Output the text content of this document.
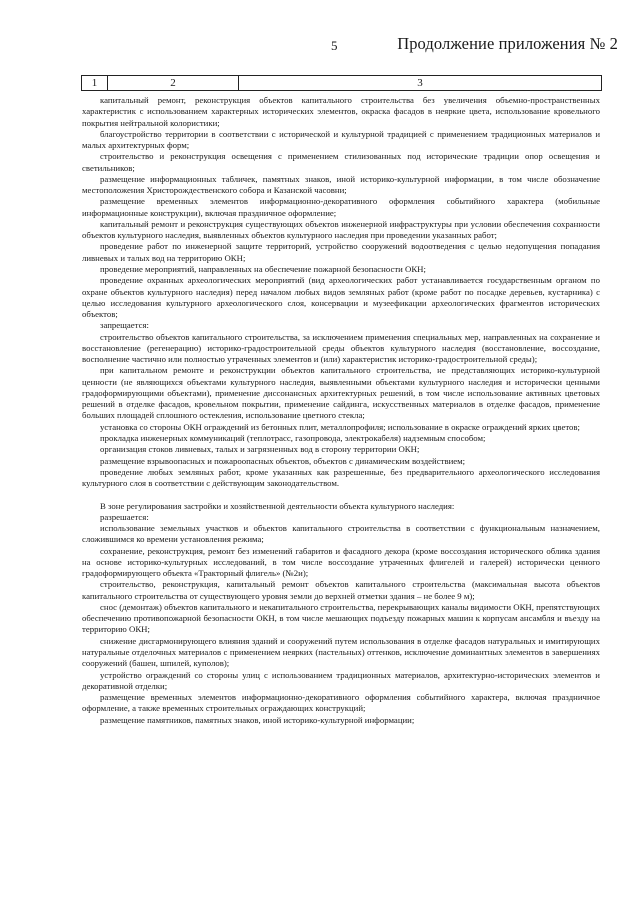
5	Продолжение приложения № 2
1	2	3

капитальный ремонт, реконструкция объектов капитального строительства без увеличения объемно-пространственных характеристик с использованием характерных исторических элементов, окраска фасадов в неяркие цвета, использование кровельного покрытия нейтральной колористики;

благоустройство территории в соответствии с исторической и культурной традицией с применением традиционных материалов и малых архитектурных форм;

строительство и реконструкция освещения с применением стилизованных под исторические традиции опор освещения и светильников;

размещение информационных табличек, памятных знаков, иной историко-культурной информации, в том числе обозначение местоположения Христорождественского собора и Казанской часовни;

размещение временных элементов информационно-декоративного оформления событийного характера (мобильные информационные конструкции), включая праздничное оформление;

капитальный ремонт и реконструкция существующих объектов инженерной инфраструктуры при условии обеспечения сохранности объектов культурного наследия, выявленных объектов культурного наследия при проведении указанных работ;

проведение работ по инженерной защите территорий, устройство сооружений водоотведения с целью недопущения попадания ливневых и талых вод на территорию ОКН;

проведение мероприятий, направленных на обеспечение пожарной безопасности ОКН;

проведение охранных археологических мероприятий (вид археологических работ устанавливается государственным органом по охране объектов культурного наследия) перед началом любых видов земляных работ (кроме работ по посадке деревьев, кустарника) с целью исследования культурного археологического слоя, консервации и музеефикации археологических фрагментов исторических объектов;

запрещается:

строительство объектов капитального строительства, за исключением применения специальных мер, направленных на сохранение и восстановление (регенерацию) историко-градостроительной среды объектов культурного наследия (восстановление, воссоздание, восполнение частично или полностью утраченных элементов и (или) характеристик историко-градостроительной среды);

при капитальном ремонте и реконструкции объектов капитального строительства, не представляющих историко-культурной ценности (не являющихся объектами культурного наследия, выявленными объектами культурного наследия и исторически ценными градоформирующими объектами), применение диссонансных архитектурных решений, в том числе использование активных цветовых решений в отделке фасадов, кровельном покрытии, применение сайдинга, искусственных материалов в отделке фасадов, применение больших площадей сплошного остекления, использование цветного стекла;

установка со стороны ОКН ограждений из бетонных плит, металлопрофиля; использование в окраске ограждений ярких цветов;

прокладка инженерных коммуникаций (теплотрасс, газопровода, электрокабеля) надземным способом;

организация стоков ливневых, талых и загрязненных вод в сторону территории ОКН;

размещение взрывоопасных и пожароопасных объектов, объектов с динамическим воздействием;

проведение любых земляных работ, кроме указанных как разрешенные, без предварительного археологического исследования культурного слоя в соответствии с действующим законодательством.

В зоне регулирования застройки и хозяйственной деятельности объекта культурного наследия:

разрешается:

использование земельных участков и объектов капитального строительства в соответствии с функциональным назначением, сложившимся ко времени установления режима;

сохранение, реконструкция, ремонт без изменений габаритов и фасадного декора (кроме воссоздания исторического облика здания на основе историко-культурных исследований, в том числе воссоздание утраченных флигелей и галерей) исторически ценного градоформирующего объекта «Тракторный флигель» (№2и);

строительство, реконструкция, капитальный ремонт объектов капитального строительства (максимальная высота объектов капитального строительства от существующего уровня земли до верхней отметки здания – не более 9 м);

снос (демонтаж) объектов капитального и некапитального строительства, перекрывающих каналы видимости ОКН, препятствующих обеспечению противопожарной безопасности ОКН, в том числе мешающих подъезду пожарных машин к корпусам ансамбля и въезду на территорию ОКН;

снижение дисгармонирующего влияния зданий и сооружений путем использования в отделке фасадов натуральных и имитирующих натуральные отделочных материалов с применением неярких (пастельных) оттенков, исключение доминантных элементов в завершениях сооружений (башен, шпилей, куполов);

устройство ограждений со стороны улиц с использованием традиционных материалов, архитектурно-исторических элементов и декоративной отделки;

размещение временных элементов информационно-декоративного оформления событийного характера, включая праздничное оформление, а также временных строительных ограждающих конструкций;

размещение памятников, памятных знаков, иной историко-культурной информации;
